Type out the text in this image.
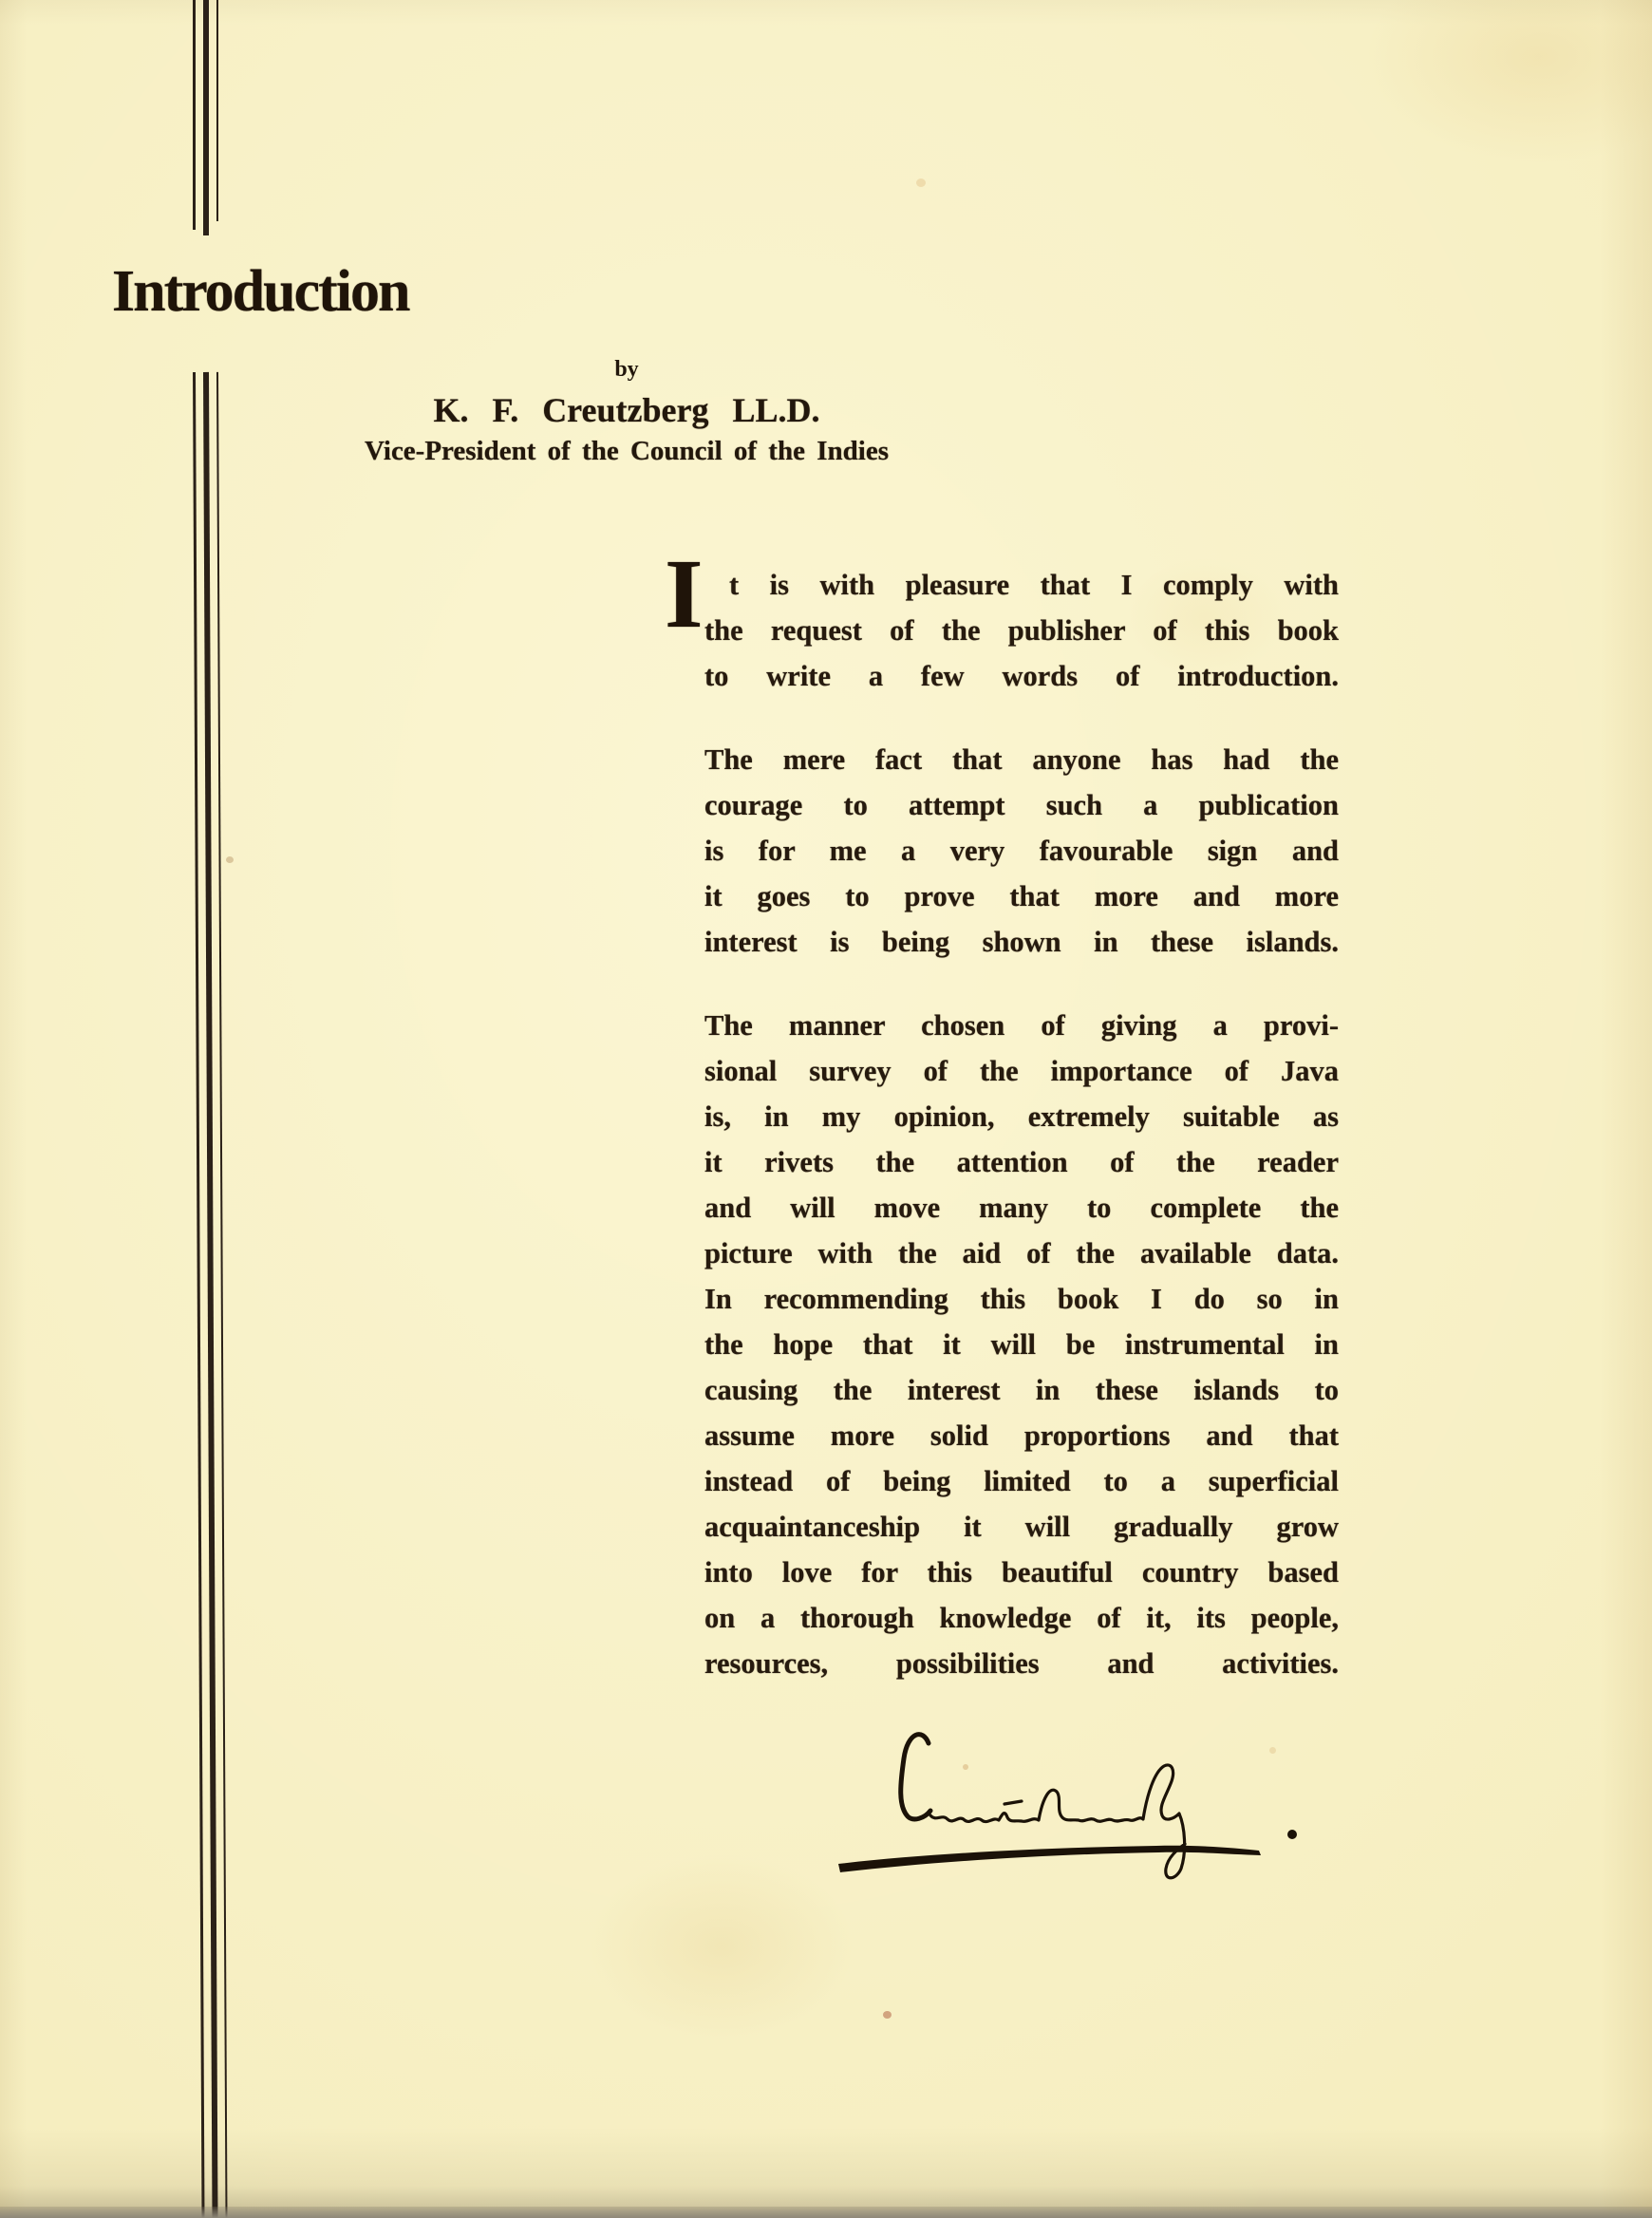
Introduction
by
K. F. Creutzberg LL.D.
Vice-President of the Council of the Indies
I t is with pleasure that I comply with
the request of the publisher of this book
to write a few words of introduction.
The mere fact that anyone has had the
courage to attempt such a publication
is for me a very favourable sign and
it goes to prove that more and more
interest is being shown in these islands.
The manner chosen of giving a provi-
sional survey of the importance of Java
is, in my opinion, extremely suitable as
it rivets the attention of the reader
and will move many to complete the
picture with the aid of the available data.
In recommending this book I do so in
the hope that it will be instrumental in
causing the interest in these islands to
assume more solid proportions and that
instead of being limited to a superficial
acquaintanceship it will gradually grow
into love for this beautiful country based
on a thorough knowledge of it, its people,
resources, possibilities and activities.
